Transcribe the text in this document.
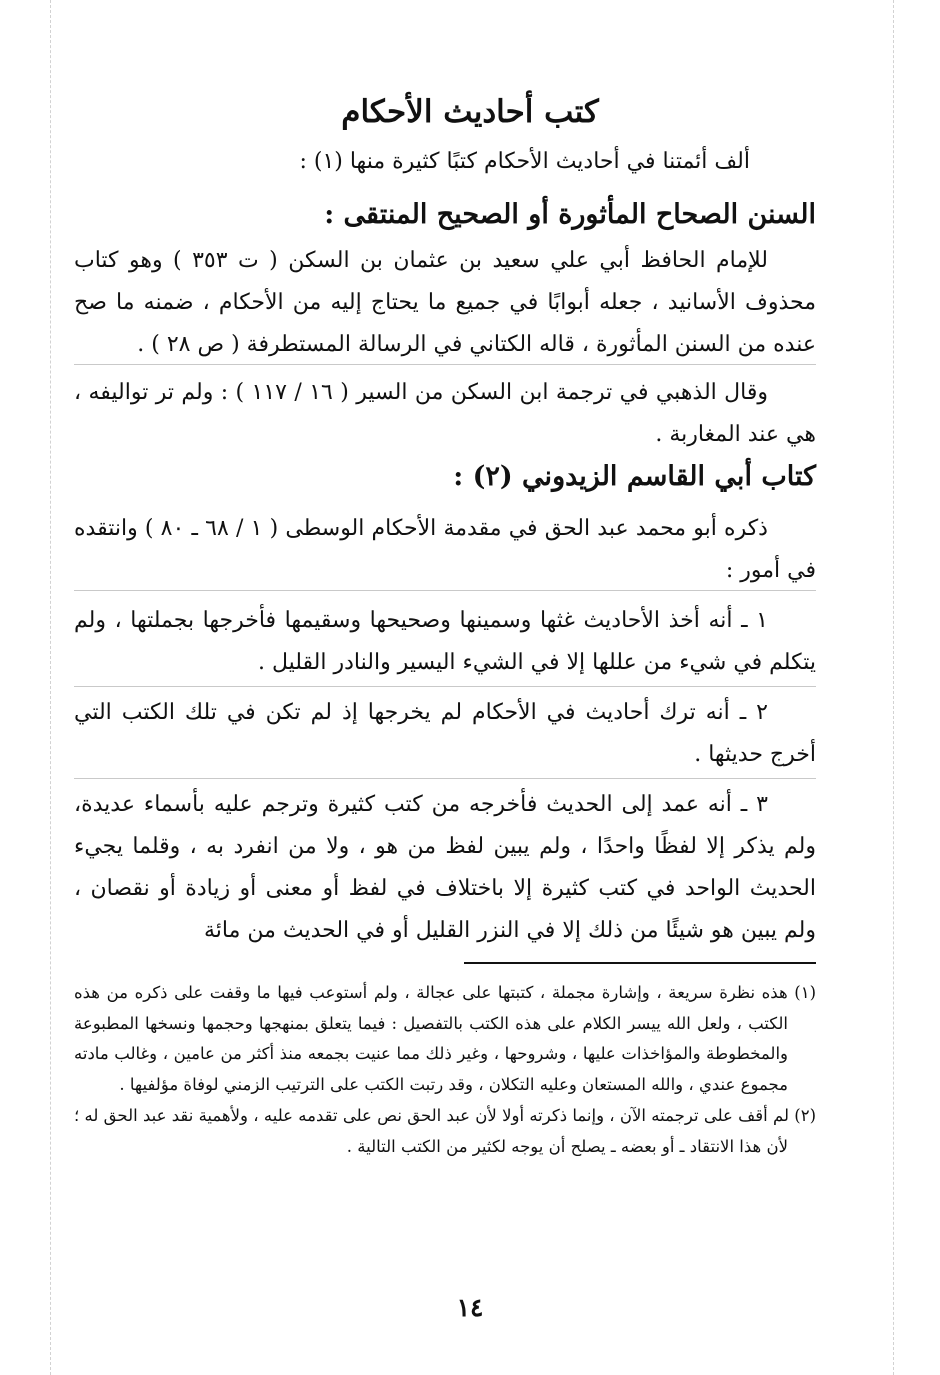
كتب أحاديث الأحكام
ألف أئمتنا في أحاديث الأحكام كتبًا كثيرة منها (١) :
السنن الصحاح المأثورة أو الصحيح المنتقى :

للإمام الحافظ أبي علي سعيد بن عثمان بن السكن ( ت ٣٥٣ ) وهو كتاب محذوف الأسانيد ، جعله أبوابًا في جميع ما يحتاج إليه من الأحكام ، ضمنه ما صح عنده من السنن المأثورة ، قاله الكتاني في الرسالة المستطرفة ( ص ٢٨ ) .

وقال الذهبي في ترجمة ابن السكن من السير ( ١٦ / ١١٧ ) : ولم تر تواليفه ، هي عند المغاربة .

كتاب أبي القاسم الزيدوني (٢) :

ذكره أبو محمد عبد الحق في مقدمة الأحكام الوسطى ( ١ / ٦٨ ـ ٨٠ ) وانتقده في أمور :

١ ـ أنه أخذ الأحاديث غثها وسمينها وصحيحها وسقيمها فأخرجها بجملتها ، ولم يتكلم في شيء من عللها إلا في الشيء اليسير والنادر القليل .

٢ ـ أنه ترك أحاديث في الأحكام لم يخرجها إذ لم تكن في تلك الكتب التي أخرج حديثها .

٣ ـ أنه عمد إلى الحديث فأخرجه من كتب كثيرة وترجم عليه بأسماء عديدة، ولم يذكر إلا لفظًا واحدًا ، ولم يبين لفظ من هو ، ولا من انفرد به ، وقلما يجيء الحديث الواحد في كتب كثيرة إلا باختلاف في لفظ أو معنى أو زيادة أو نقصان ، ولم يبين هو شيئًا من ذلك إلا في النزر القليل أو في الحديث من مائة

(١) هذه نظرة سريعة ، وإشارة مجملة ، كتبتها على عجالة ، ولم أستوعب فيها ما وقفت على ذكره من هذه الكتب ، ولعل الله ييسر الكلام على هذه الكتب بالتفصيل : فيما يتعلق بمنهجها وحجمها ونسخها المطبوعة والمخطوطة والمؤاخذات عليها ، وشروحها ، وغير ذلك مما عنيت بجمعه منذ أكثر من عامين ، وغالب مادته مجموع عندي ، والله المستعان وعليه التكلان ، وقد رتبت الكتب على الترتيب الزمني لوفاة مؤلفيها .

(٢) لم أقف على ترجمته الآن ، وإنما ذكرته أولا لأن عبد الحق نص على تقدمه عليه ، ولأهمية نقد عبد الحق له ؛ لأن هذا الانتقاد ـ أو بعضه ـ يصلح أن يوجه لكثير من الكتب التالية .

١٤
